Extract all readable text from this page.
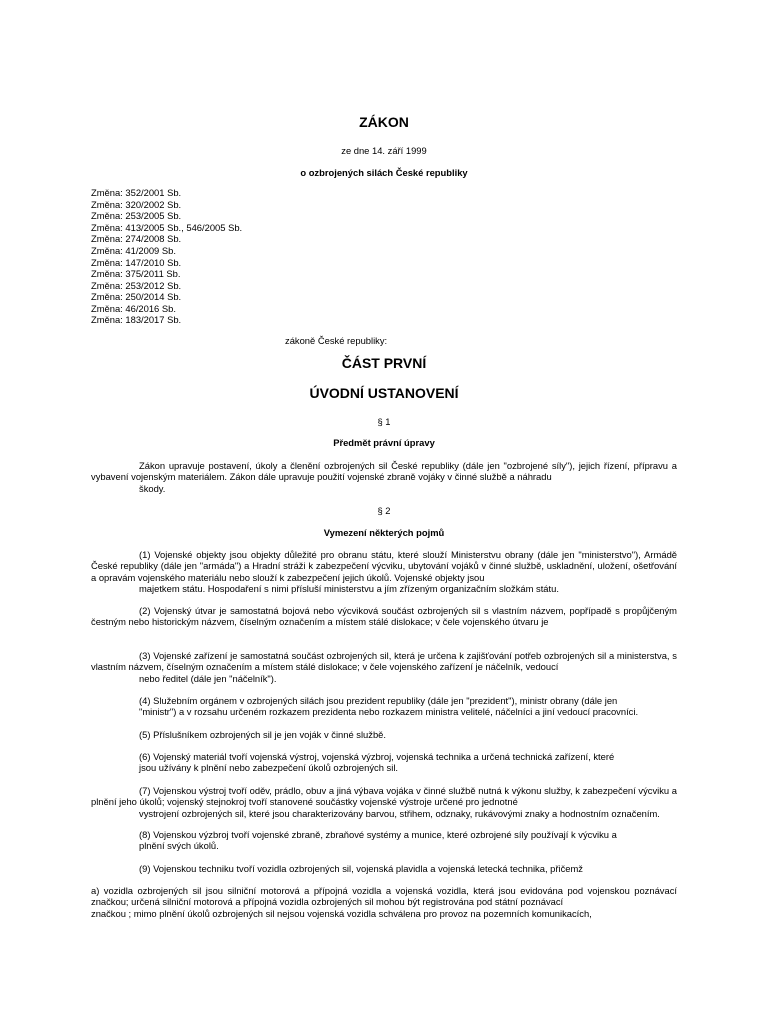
ZÁKON
ze dne 14. září 1999
o ozbrojených silách České republiky
Změna: 352/2001 Sb.
Změna: 320/2002 Sb.
Změna: 253/2005 Sb.
Změna: 413/2005 Sb., 546/2005 Sb.
Změna: 274/2008 Sb.
Změna: 41/2009 Sb.
Změna: 147/2010 Sb.
Změna: 375/2011 Sb.
Změna: 253/2012 Sb.
Změna: 250/2014 Sb.
Změna: 46/2016 Sb.
Změna: 183/2017 Sb.
zákoně České republiky:
ČÁST PRVNÍ
ÚVODNÍ USTANOVENÍ
§ 1
Předmět právní úpravy
Zákon upravuje postavení, úkoly a členění ozbrojených sil České republiky (dále jen "ozbrojené síly"), jejich řízení, přípravu a vybavení vojenským materiálem. Zákon dále upravuje použití vojenské zbraně vojáky v činné službě a náhradu
škody.
§ 2
Vymezení některých pojmů
(1) Vojenské objekty jsou objekty důležité pro obranu státu, které slouží Ministerstvu obrany (dále jen "ministerstvo"), Armádě České republiky (dále jen "armáda") a Hradní stráži k zabezpečení výcviku, ubytování vojáků v činné službě, uskladnění, uložení, ošetřování a opravám vojenského materiálu nebo slouží k zabezpečení jejich úkolů. Vojenské objekty jsou
majetkem státu. Hospodaření s nimi přísluší ministerstvu a jím zřízeným organizačním složkám státu.
(2) Vojenský útvar je samostatná bojová nebo výcviková součást ozbrojených sil s vlastním názvem, popřípadě s propůjčeným čestným nebo historickým názvem, číselným označením a místem stálé dislokace; v čele vojenského útvaru je
(3) Vojenské zařízení je samostatná součást ozbrojených sil, která je určena k zajišťování potřeb ozbrojených sil a ministerstva, s vlastním názvem, číselným označením a místem stálé dislokace; v čele vojenského zařízení je náčelník, vedoucí
nebo ředitel (dále jen "náčelník").
(4) Služebním orgánem v ozbrojených silách jsou prezident republiky (dále jen "prezident"), ministr obrany (dále jen
"ministr") a v rozsahu určeném rozkazem prezidenta nebo rozkazem ministra velitelé, náčelníci a jiní vedoucí pracovníci.
(5) Příslušníkem ozbrojených sil je jen voják v činné službě.
(6) Vojenský materiál tvoří vojenská výstroj, vojenská výzbroj, vojenská technika a určená technická zařízení, které
jsou užívány k plnění nebo zabezpečení úkolů ozbrojených sil.
(7) Vojenskou výstroj tvoří oděv, prádlo, obuv a jiná výbava vojáka v činné službě nutná k výkonu služby, k zabezpečení výcviku a plnění jeho úkolů; vojenský stejnokroj tvoří stanovené součástky vojenské výstroje určené pro jednotné
vystrojení ozbrojených sil, které jsou charakterizovány barvou, střihem, odznaky, rukávovými znaky a hodnostním označením.
(8) Vojenskou výzbroj tvoří vojenské zbraně, zbraňové systémy a munice, které ozbrojené síly používají k výcviku a
plnění svých úkolů.
(9) Vojenskou techniku tvoří vozidla ozbrojených sil, vojenská plavidla a vojenská letecká technika, přičemž
a) vozidla ozbrojených sil jsou silniční motorová a přípojná vozidla a vojenská vozidla, která jsou evidována pod vojenskou poznávací značkou; určená silniční motorová a přípojná vozidla ozbrojených sil mohou být registrována pod státní poznávací
značkou ; mimo plnění úkolů ozbrojených sil nejsou vojenská vozidla schválena pro provoz na pozemních komunikacích,
